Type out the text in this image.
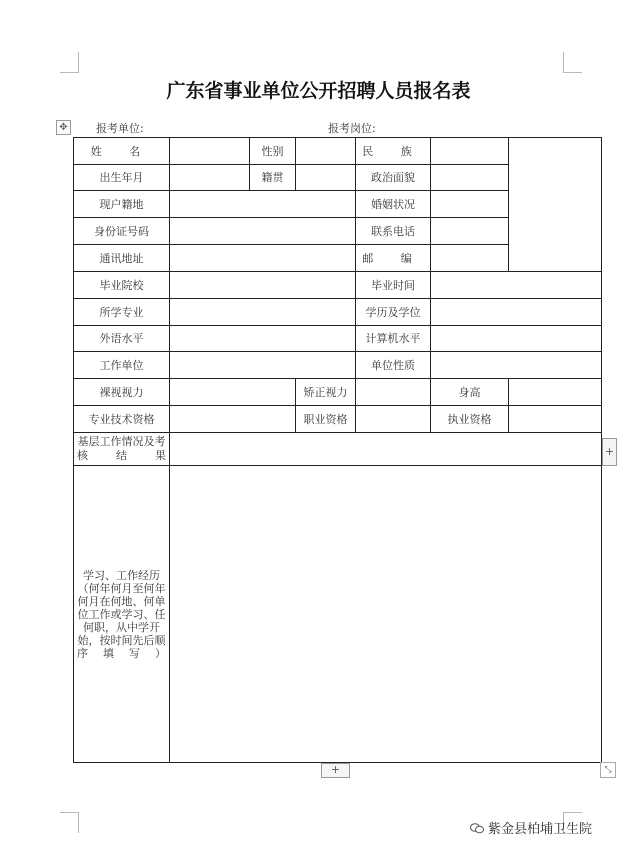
广东省事业单位公开招聘人员报名表
✥	报考单位:	报考岗位:
姓 名		性别		民 族		
出生年月		籍贯		政治面貌		
现户籍地				婚姻状况		
身份证号码				联系电话		
通讯地址				邮 编		
毕业院校				毕业时间		
所学专业				学历及学位		
外语水平				计算机水平		
工作单位				单位性质		
裸视视力			矫正视力		身高	
专业技术资格			职业资格		执业资格	
基层工作情况及考核结果						
学习、工作经历（何年何月至何年何月在何地、何单位工作或学习、任何职，从中学开始，按时间先后顺序填写）						
+
+	⤡
紫金县柏埔卫生院
